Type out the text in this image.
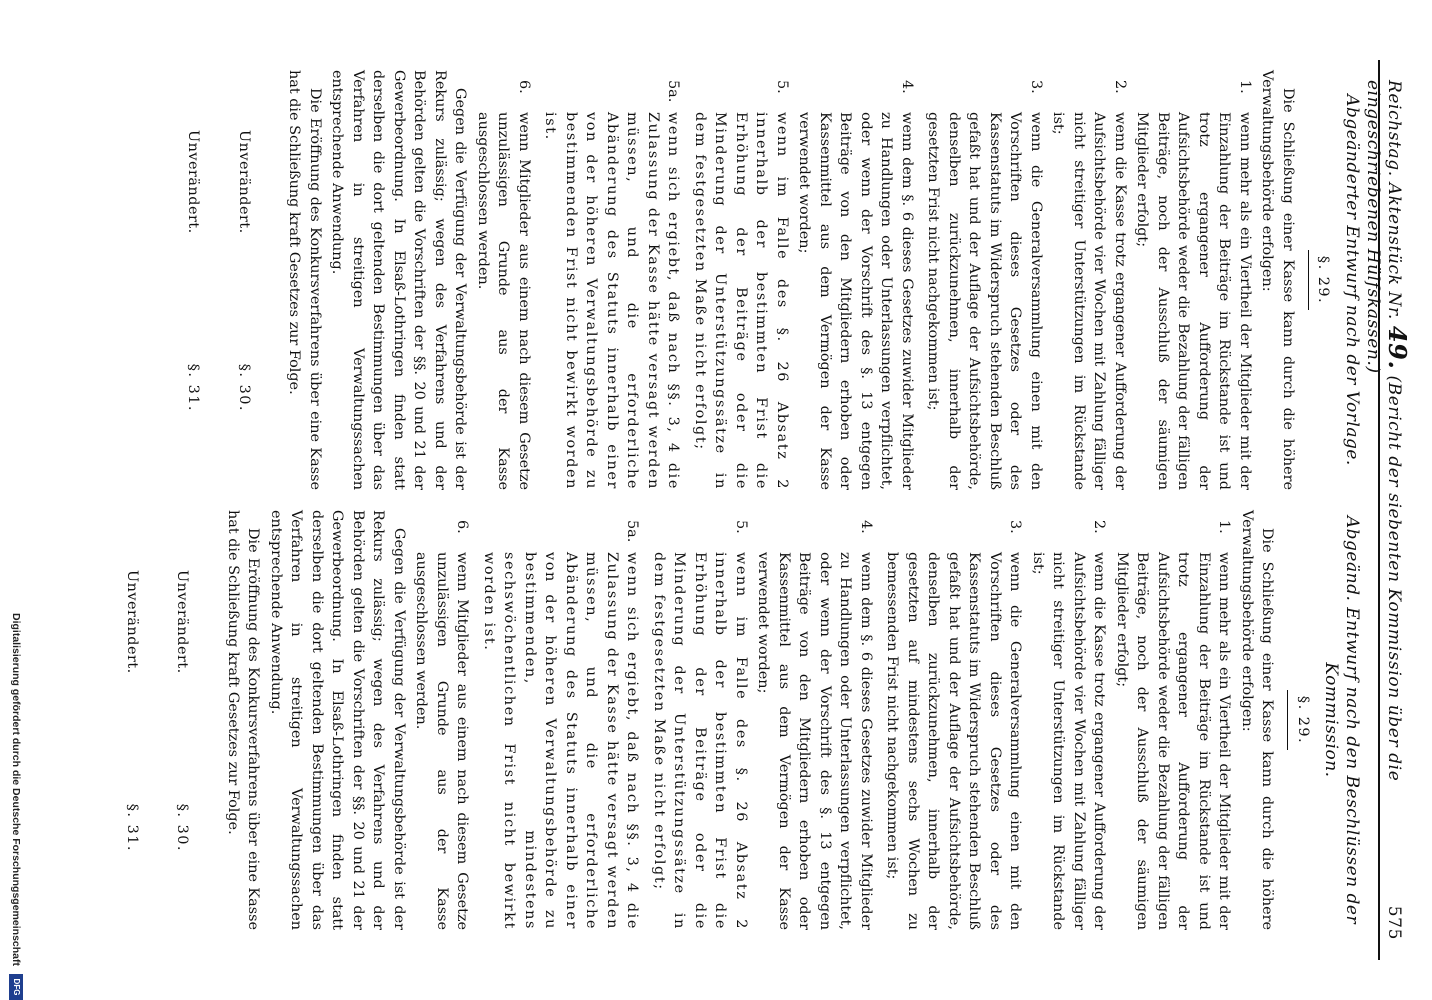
Reichstag. Aktenstück Nr. 49. (Bericht der siebenten Kommission über die eingeschriebenen Hülfskassen.)
575
Abgeänderter Entwurf nach der Vorlage.
§. 29.

Die Schließung einer Kasse kann durch die höhere Verwaltungsbehörde erfolgen:

1.
wenn mehr als ein Viertheil der Mitglieder mit der Einzahlung der Beiträge im Rückstande ist und trotz ergangener Aufforderung der Aufsichtsbehörde weder die Bezahlung der fälligen Beiträge, noch der Ausschluß der säumigen Mitglieder erfolgt;
2.
wenn die Kasse trotz ergangener Aufforderung der Aufsichtsbehörde vier Wochen mit Zahlung fälliger nicht streitiger Unterstützungen im Rückstande ist;
3.
wenn die Generalversammlung einen mit den Vorschriften dieses Gesetzes oder des Kassenstatuts im Widerspruch stehenden Beschluß gefaßt hat und der Auflage der Aufsichtsbehörde, denselben zurückzunehmen, innerhalb der gesetzten Frist nicht nachgekommen ist;
4.
wenn dem §. 6 dieses Gesetzes zuwider Mitglieder zu Handlungen oder Unterlassungen verpflichtet, oder wenn der Vorschrift des §. 13 entgegen Beiträge von den Mitgliedern erhoben oder Kassenmittel aus dem Vermögen der Kasse verwendet worden;
5.
wenn im Falle des §. 26 Absatz 2 innerhalb der bestimmten Frist die Erhöhung der Beiträge oder die Minderung der Unterstützungssätze in dem festgesetzten Maße nicht erfolgt;
5a.
wenn sich ergiebt, daß nach §§. 3, 4 die Zulassung der Kasse hätte versagt werden müssen, und die erforderliche Abänderung des Statuts innerhalb einer von der höheren Verwaltungsbehörde zu bestimmenden Frist nicht bewirkt worden ist.
6.
wenn Mitglieder aus einem nach diesem Gesetze unzulässigen Grunde aus der Kasse ausgeschlossen werden.

Gegen die Verfügung der Verwaltungsbehörde ist der Rekurs zulässig; wegen des Verfahrens und der Behörden gelten die Vorschriften der §§. 20 und 21 der Gewerbeordnung. In Elsaß-Lothringen finden statt derselben die dort geltenden Bestimmungen über das Verfahren in streitigen Verwaltungssachen entsprechende Anwendung.

Die Eröffnung des Konkursverfahrens über eine Kasse hat die Schließung kraft Gesetzes zur Folge.

Unverändert.§. 30.
Unverändert.§. 31.
Abgeänd. Entwurf nach den Beschlüssen der Kommission.
§. 29.

Die Schließung einer Kasse kann durch die höhere Verwaltungsbehörde erfolgen:

1.
wenn mehr als ein Viertheil der Mitglieder mit der Einzahlung der Beiträge im Rückstande ist und trotz ergangener Aufforderung der Aufsichtsbehörde weder die Bezahlung der fälligen Beiträge, noch der Ausschluß der säumigen Mitglieder erfolgt;
2.
wenn die Kasse trotz ergangener Aufforderung der Aufsichtsbehörde vier Wochen mit Zahlung fälliger nicht streitiger Unterstützungen im Rückstande ist;
3.
wenn die Generalversammlung einen mit den Vorschriften dieses Gesetzes oder des Kassenstatuts im Widerspruch stehenden Beschluß gefaßt hat und der Auflage der Aufsichtsbehörde, denselben zurückzunehmen, innerhalb der gesetzten auf mindestens sechs Wochen zu bemessenden Frist nicht nachgekommen ist;
4.
wenn dem §. 6 dieses Gesetzes zuwider Mitglieder zu Handlungen oder Unterlassungen verpflichtet, oder wenn der Vorschrift des §. 13 entgegen Beiträge von den Mitgliedern erhoben oder Kassenmittel aus dem Vermögen der Kasse verwendet worden;
5.
wenn im Falle des §. 26 Absatz 2 innerhalb der bestimmten Frist die Erhöhung der Beiträge oder die Minderung der Unterstützungssätze in dem festgesetzten Maße nicht erfolgt;
5a.
wenn sich ergiebt, daß nach §§. 3, 4 die Zulassung der Kasse hätte versagt werden müssen, und die erforderliche Abänderung des Statuts innerhalb einer von der höheren Verwaltungsbehörde zu bestimmenden, mindestens sechswöchentlichen Frist nicht bewirkt worden ist.
6.
wenn Mitglieder aus einem nach diesem Gesetze unzulässigen Grunde aus der Kasse ausgeschlossen werden.

Gegen die Verfügung der Verwaltungsbehörde ist der Rekurs zulässig; wegen des Verfahrens und der Behörden gelten die Vorschriften der §§. 20 und 21 der Gewerbeordnung. In Elsaß-Lothringen finden statt derselben die dort geltenden Bestimmungen über das Verfahren in streitigen Verwaltungssachen entsprechende Anwendung.

Die Eröffnung des Konkursverfahrens über eine Kasse hat die Schließung kraft Gesetzes zur Folge.

Unverändert.§. 30.
Unverändert.§. 31.
Digitalisierung gefördert durch die Deutsche Forschungsgemeinschaft
DFG
